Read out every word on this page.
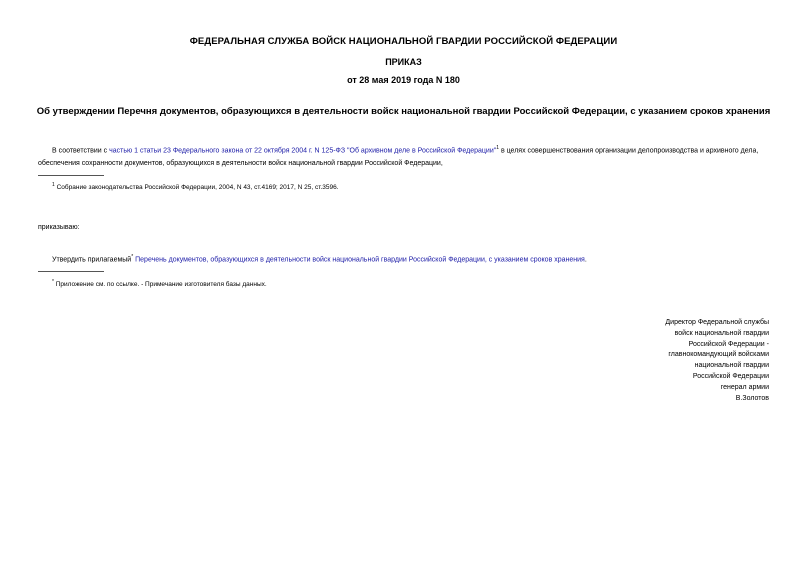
ФЕДЕРАЛЬНАЯ СЛУЖБА ВОЙСК НАЦИОНАЛЬНОЙ ГВАРДИИ РОССИЙСКОЙ ФЕДЕРАЦИИ
ПРИКАЗ
от 28 мая 2019 года N 180
Об утверждении Перечня документов, образующихся в деятельности войск национальной гвардии Российской Федерации, с указанием сроков хранения
В соответствии с частью 1 статьи 23 Федерального закона от 22 октября 2004 г. N 125-ФЗ "Об архивном деле в Российской Федерации"$^1$ в целях совершенствования организации делопроизводства и архивного дела, обеспечения сохранности документов, образующихся в деятельности войск национальной гвардии Российской Федерации,
$^1$ Собрание законодательства Российской Федерации, 2004, N 43, ст.4169; 2017, N 25, ст.3596.
приказываю:
Утвердить прилагаемый* Перечень документов, образующихся в деятельности войск национальной гвардии Российской Федерации, с указанием сроков хранения.
* Приложение см. по ссылке. - Примечание изготовителя базы данных.
Директор Федеральной службы
войск национальной гвардии
Российской Федерации -
главнокомандующий войсками
национальной гвардии
Российской Федерации
генерал армии
В.Золотов
